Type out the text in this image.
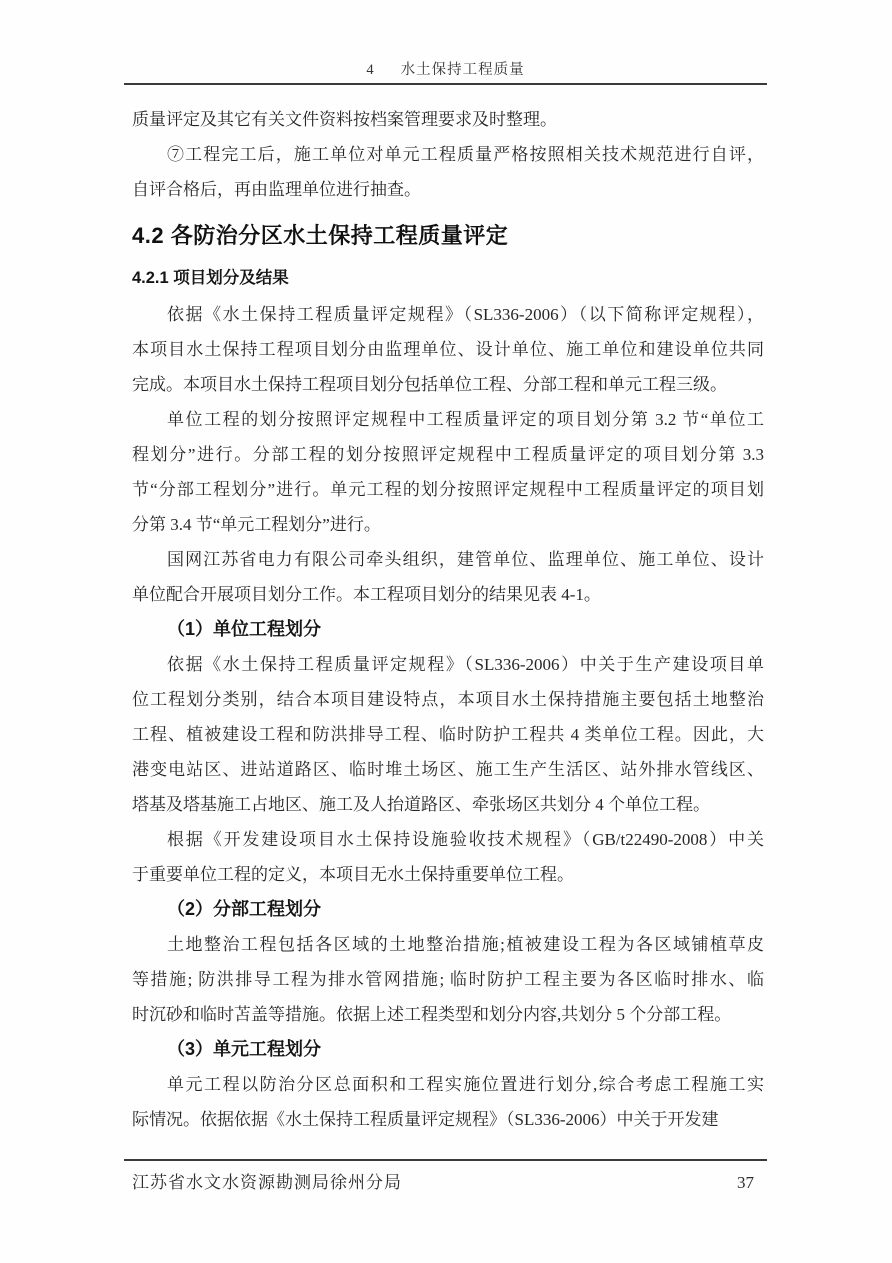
4 水土保持工程质量
质量评定及其它有关文件资料按档案管理要求及时整理。
⑦工程完工后，施工单位对单元工程质量严格按照相关技术规范进行自评，
自评合格后，再由监理单位进行抽查。
4.2 各防治分区水土保持工程质量评定
4.2.1 项目划分及结果
依据《水土保持工程质量评定规程》（SL336-2006）（以下简称评定规程），
本项目水土保持工程项目划分由监理单位、设计单位、施工单位和建设单位共同
完成。本项目水土保持工程项目划分包括单位工程、分部工程和单元工程三级。
单位工程的划分按照评定规程中工程质量评定的项目划分第 3.2 节“单位工
程划分”进行。分部工程的划分按照评定规程中工程质量评定的项目划分第 3.3
节“分部工程划分”进行。单元工程的划分按照评定规程中工程质量评定的项目划
分第 3.4 节“单元工程划分”进行。
国网江苏省电力有限公司牵头组织，建管单位、监理单位、施工单位、设计
单位配合开展项目划分工作。本工程项目划分的结果见表 4-1。
（1）单位工程划分
依据《水土保持工程质量评定规程》（SL336-2006）中关于生产建设项目单
位工程划分类别，结合本项目建设特点，本项目水土保持措施主要包括土地整治
工程、植被建设工程和防洪排导工程、临时防护工程共 4 类单位工程。因此，大
港变电站区、进站道路区、临时堆土场区、施工生产生活区、站外排水管线区、
塔基及塔基施工占地区、施工及人抬道路区、牵张场区共划分 4 个单位工程。
根据《开发建设项目水土保持设施验收技术规程》（GB/t22490-2008）中关
于重要单位工程的定义，本项目无水土保持重要单位工程。
（2）分部工程划分
土地整治工程包括各区域的土地整治措施;植被建设工程为各区域铺植草皮
等措施; 防洪排导工程为排水管网措施; 临时防护工程主要为各区临时排水、临
时沉砂和临时苫盖等措施。依据上述工程类型和划分内容,共划分 5 个分部工程。
（3）单元工程划分
单元工程以防治分区总面积和工程实施位置进行划分,综合考虑工程施工实
际情况。依据依据《水土保持工程质量评定规程》（SL336-2006）中关于开发建
江苏省水文水资源勘测局徐州分局	37
